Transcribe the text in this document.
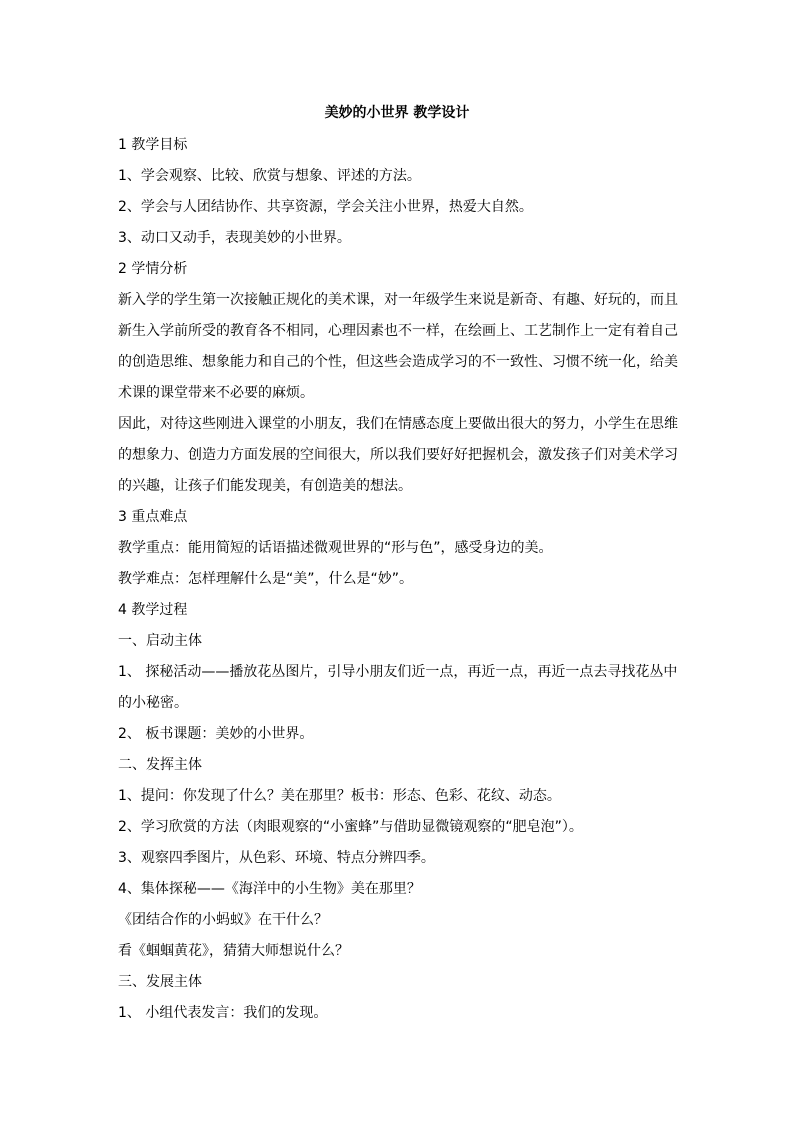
美妙的小世界 教学设计
1 教学目标
1、学会观察、比较、欣赏与想象、评述的方法。
2、学会与人团结协作、共享资源，学会关注小世界，热爱大自然。
3、动口又动手，表现美妙的小世界。
2 学情分析
新入学的学生第一次接触正规化的美术课，对一年级学生来说是新奇、有趣、好玩的，而且
新生入学前所受的教育各不相同，心理因素也不一样，在绘画上、工艺制作上一定有着自己
的创造思维、想象能力和自己的个性，但这些会造成学习的不一致性、习惯不统一化，给美
术课的课堂带来不必要的麻烦。
因此，对待这些刚进入课堂的小朋友，我们在情感态度上要做出很大的努力，小学生在思维
的想象力、创造力方面发展的空间很大，所以我们要好好把握机会，激发孩子们对美术学习
的兴趣，让孩子们能发现美，有创造美的想法。
3 重点难点
教学重点：能用简短的话语描述微观世界的“形与色”，感受身边的美。
教学难点：怎样理解什么是“美”，什么是“妙”。
4 教学过程
一、启动主体
1、 探秘活动——播放花丛图片，引导小朋友们近一点，再近一点，再近一点去寻找花丛中
的小秘密。
2、 板书课题：美妙的小世界。
二、发挥主体
1、提问：你发现了什么？美在那里？板书：形态、色彩、花纹、动态。
2、学习欣赏的方法（肉眼观察的“小蜜蜂”与借助显微镜观察的“肥皂泡”）。
3、观察四季图片，从色彩、环境、特点分辨四季。
4、集体探秘——《海洋中的小生物》美在那里？
《团结合作的小蚂蚁》在干什么？
看《蝈蝈黄花》，猜猜大师想说什么？
三、发展主体
1、 小组代表发言：我们的发现。
